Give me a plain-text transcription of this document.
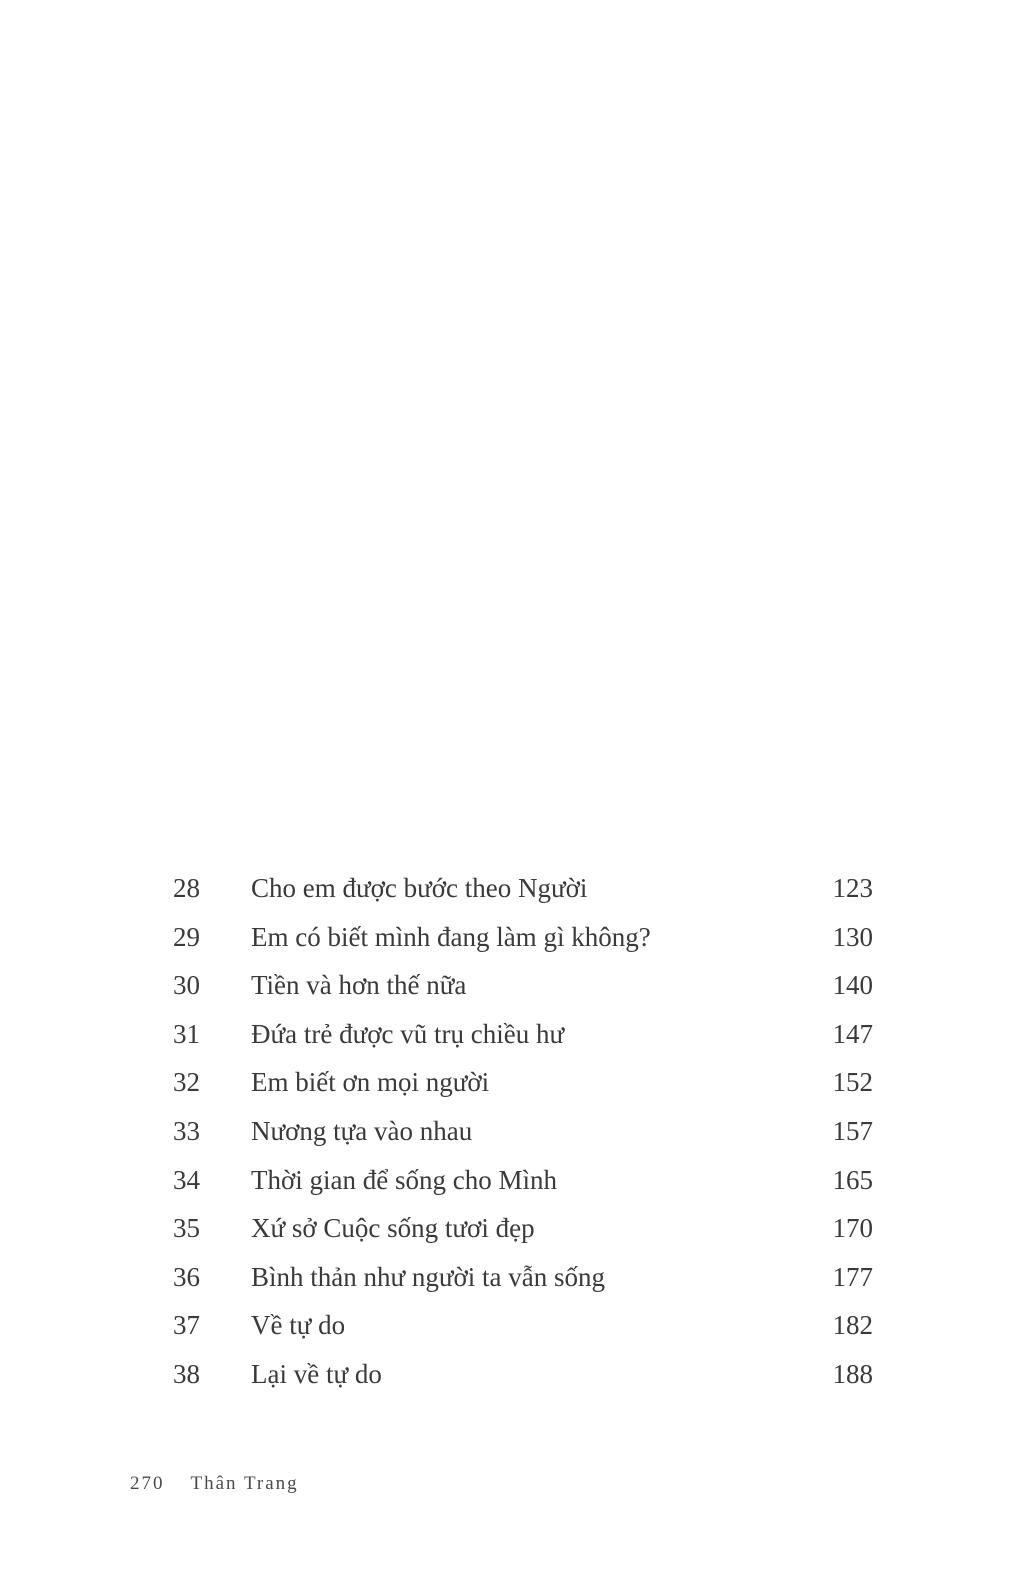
28	Cho em được bước theo Người	123
29	Em có biết mình đang làm gì không?	130
30	Tiền và hơn thế nữa	140
31	Đứa trẻ được vũ trụ chiều hư	147
32	Em biết ơn mọi người	152
33	Nương tựa vào nhau	157
34	Thời gian để sống cho Mình	165
35	Xứ sở Cuộc sống tươi đẹp	170
36	Bình thản như người ta vẫn sống	177
37	Về tự do	182
38	Lại về tự do	188
270 Thân Trang
